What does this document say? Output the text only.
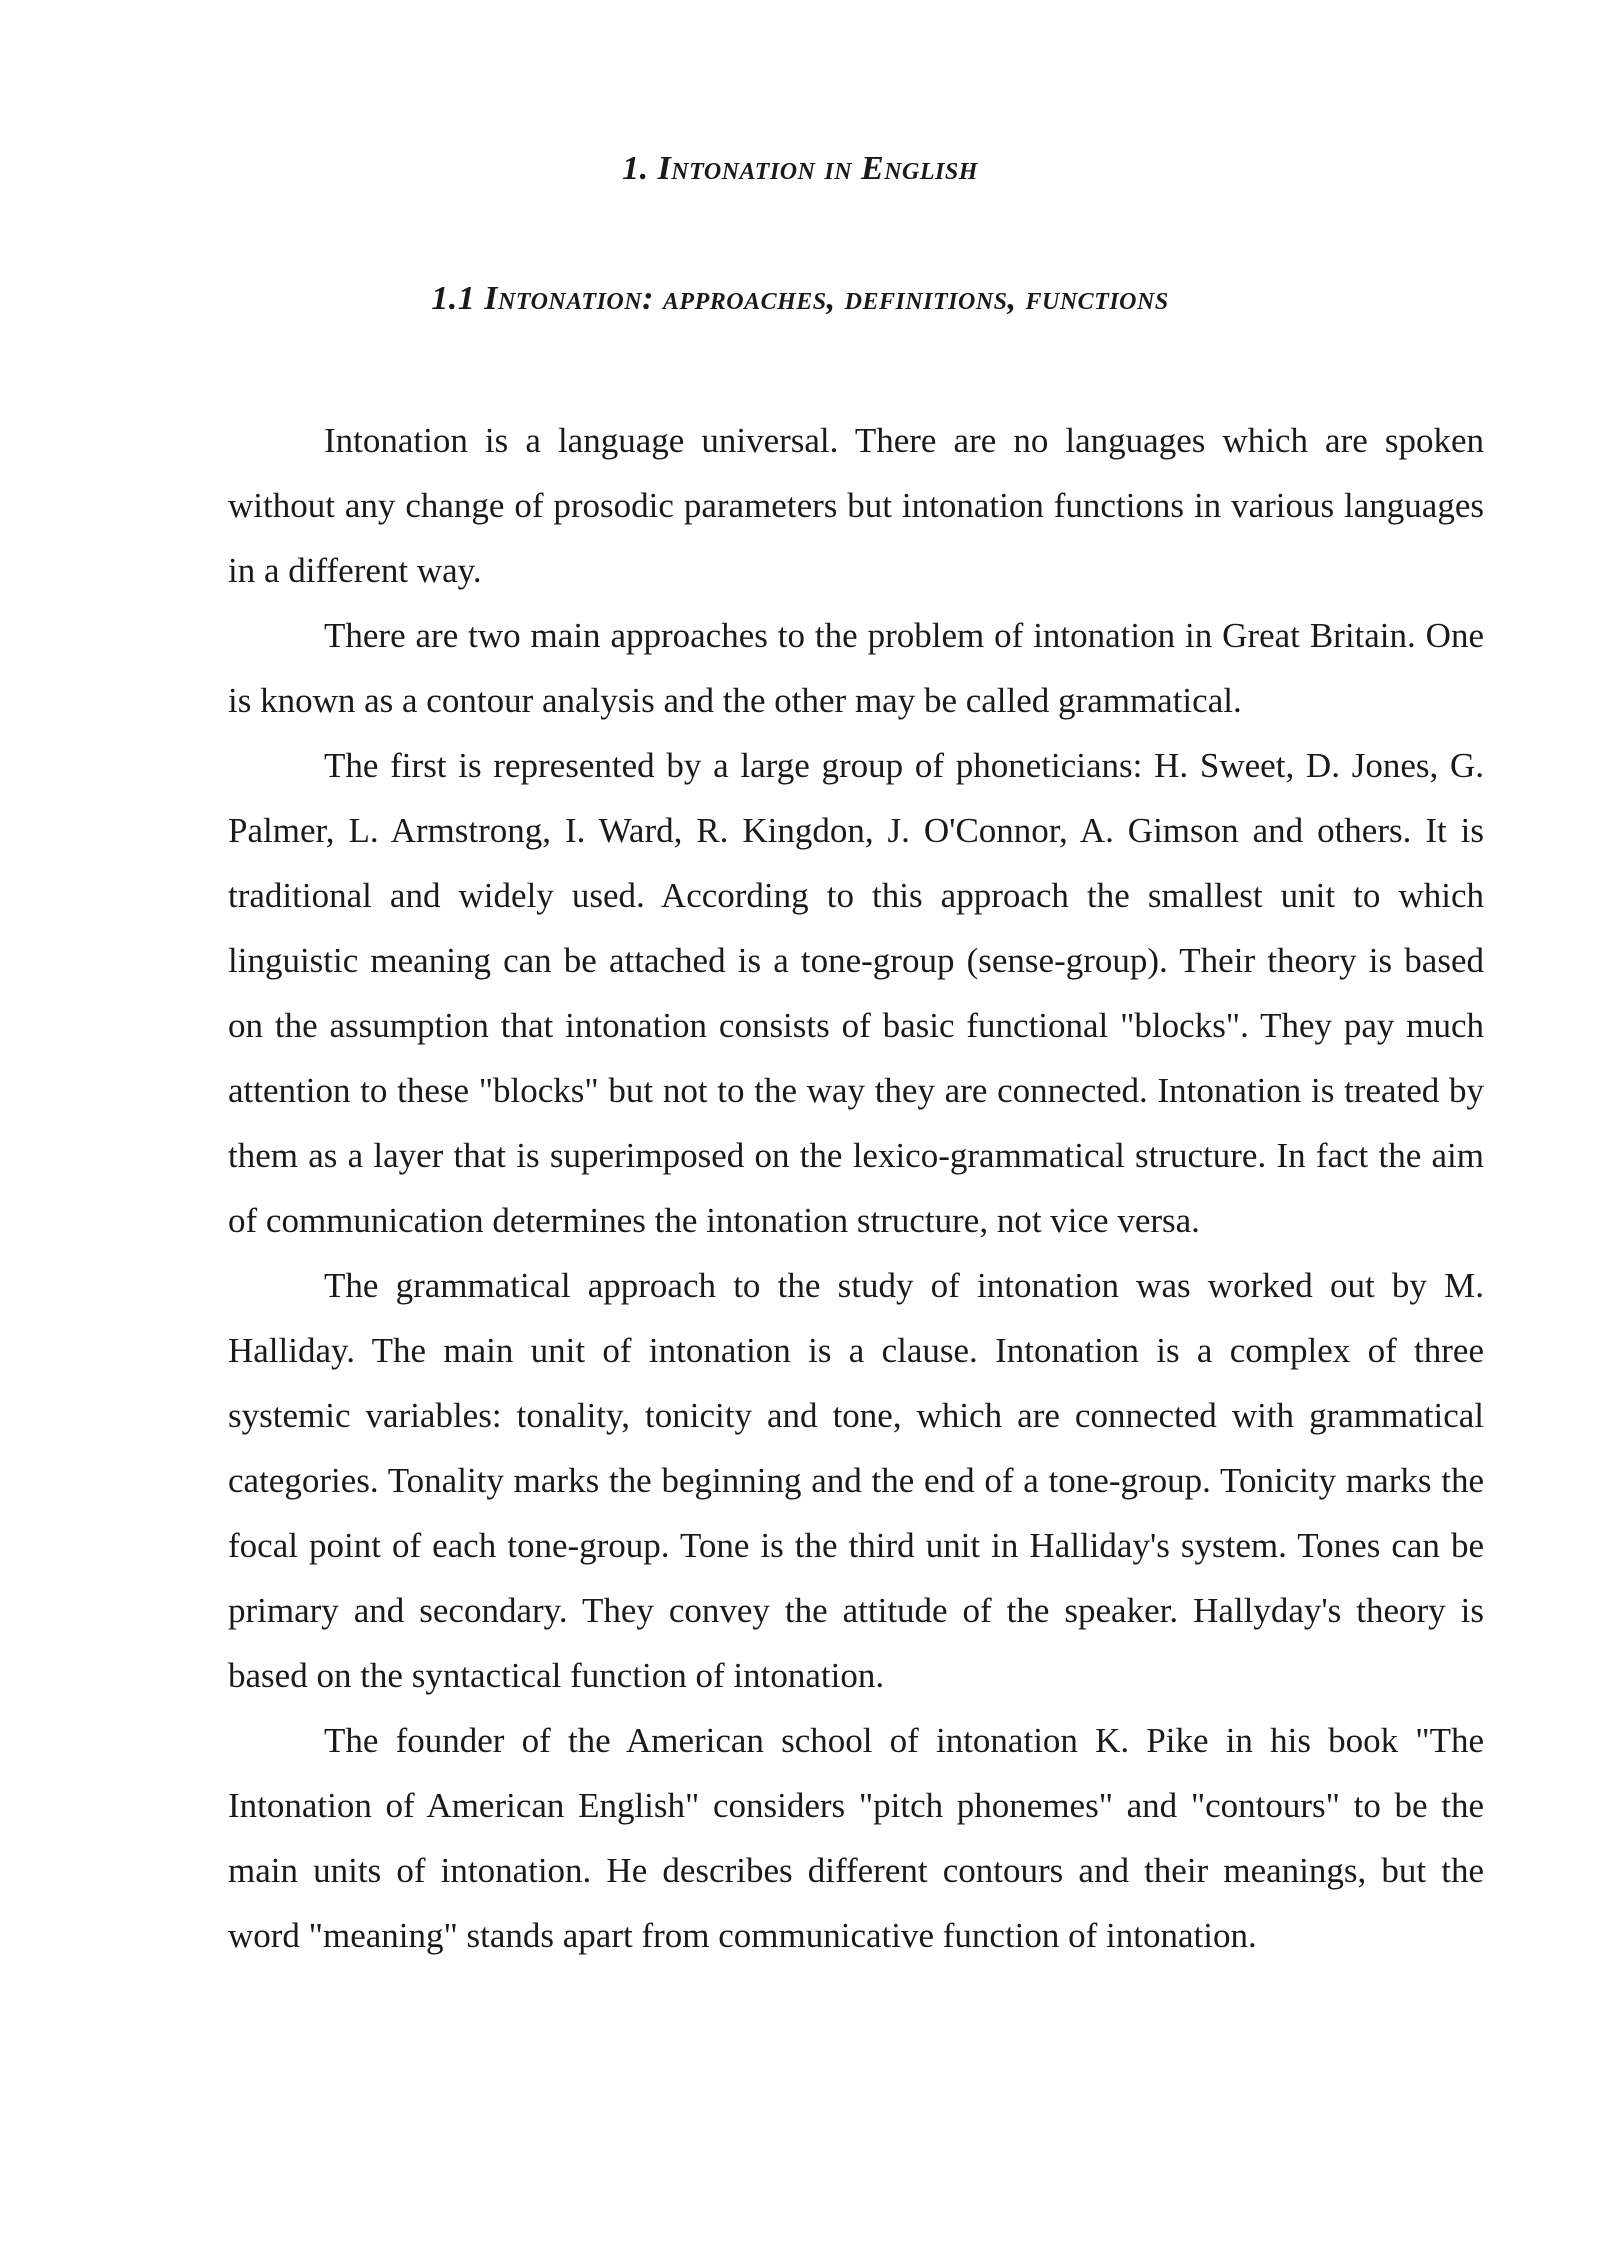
1. Intonation in English
1.1 Intonation: approaches, definitions, functions

Intonation is a language universal. There are no languages which are spoken without any change of prosodic parameters but intonation functions in various languages in a different way.

There are two main approaches to the problem of intonation in Great Britain. One is known as a contour analysis and the other may be called grammatical.

The first is represented by a large group of phoneticians: H. Sweet, D. Jones, G. Palmer, L. Armstrong, I. Ward, R. Kingdon, J. O'Connor, A. Gimson and others. It is traditional and widely used. According to this approach the smallest unit to which linguistic meaning can be attached is a tone-group (sense-group). Their theory is based on the assumption that intonation consists of basic functional "blocks". They pay much attention to these "blocks" but not to the way they are connected. Intonation is treated by them as a layer that is superimposed on the lexico-grammatical structure. In fact the aim of communication determines the intonation structure, not vice versa.

The grammatical approach to the study of intonation was worked out by M. Halliday. The main unit of intonation is a clause. Intonation is a complex of three systemic variables: tonality, tonicity and tone, which are connected with grammatical categories. Tonality marks the beginning and the end of a tone-group. Tonicity marks the focal point of each tone-group. Tone is the third unit in Halliday's system. Tones can be primary and secondary. They convey the attitude of the speaker. Hallyday's theory is based on the syntactical function of intonation.

The founder of the American school of intonation K. Pike in his book "The Intonation of American English" considers "pitch phonemes" and "contours" to be the main units of intonation. He describes different contours and their meanings, but the word "meaning" stands apart from communicative function of intonation.
